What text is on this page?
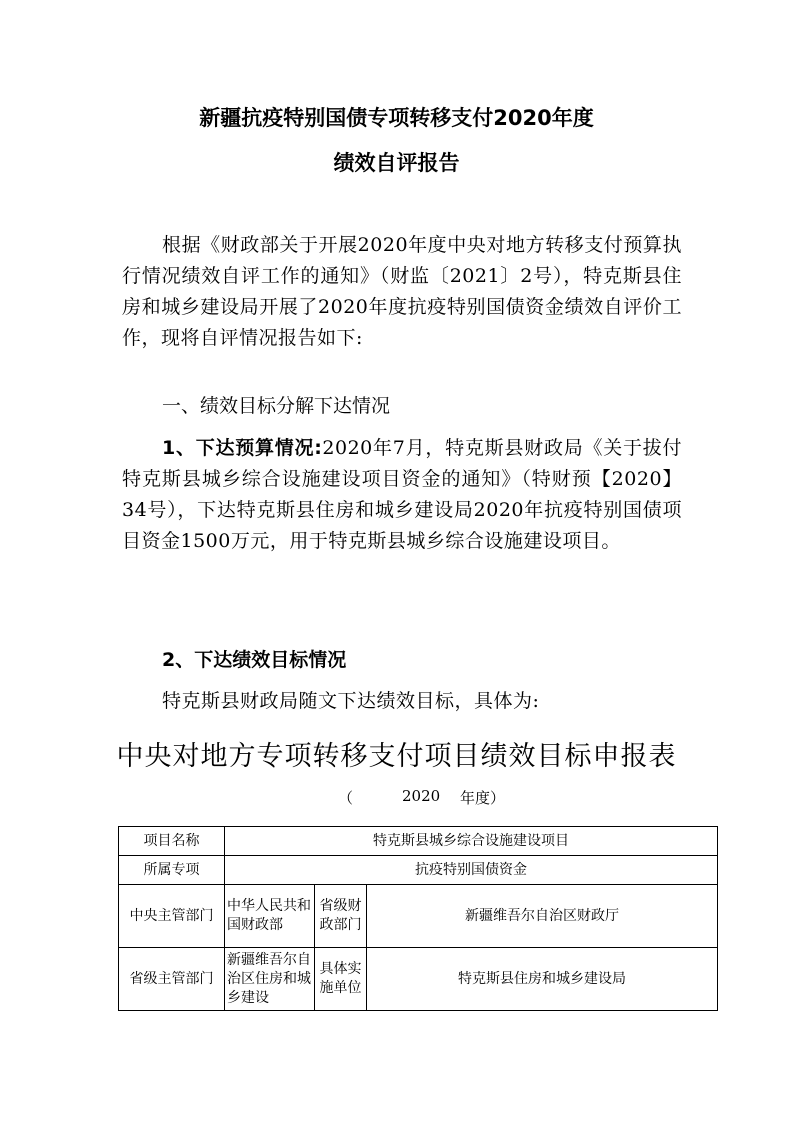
新疆抗疫特别国债专项转移支付2020年度
绩效自评报告

根据《财政部关于开展2020年度中央对地方转移支付预算执行情况绩效自评工作的通知》（财监〔2021〕2号），特克斯县住房和城乡建设局开展了2020年度抗疫特别国债资金绩效自评价工作，现将自评情况报告如下:

一、绩效目标分解下达情况

1、下达预算情况:2020年7月，特克斯县财政局《关于拔付特克斯县城乡综合设施建设项目资金的通知》（特财预【2020】34号），下达特克斯县住房和城乡建设局2020年抗疫特别国债项目资金1500万元，用于特克斯县城乡综合设施建设项目。

2、下达绩效目标情况

特克斯县财政局随文下达绩效目标，具体为:

中央对地方专项转移支付项目绩效目标申报表
（	2020 年度）
项目名称	特克斯县城乡综合设施建设项目		
所属专项	抗疫特别国债资金		
中央主管部门	中华人民共和国财政部	省级财政部门	新疆维吾尔自治区财政厅
省级主管部门	新疆维吾尔自治区住房和城乡建设	具体实施单位	特克斯县住房和城乡建设局
